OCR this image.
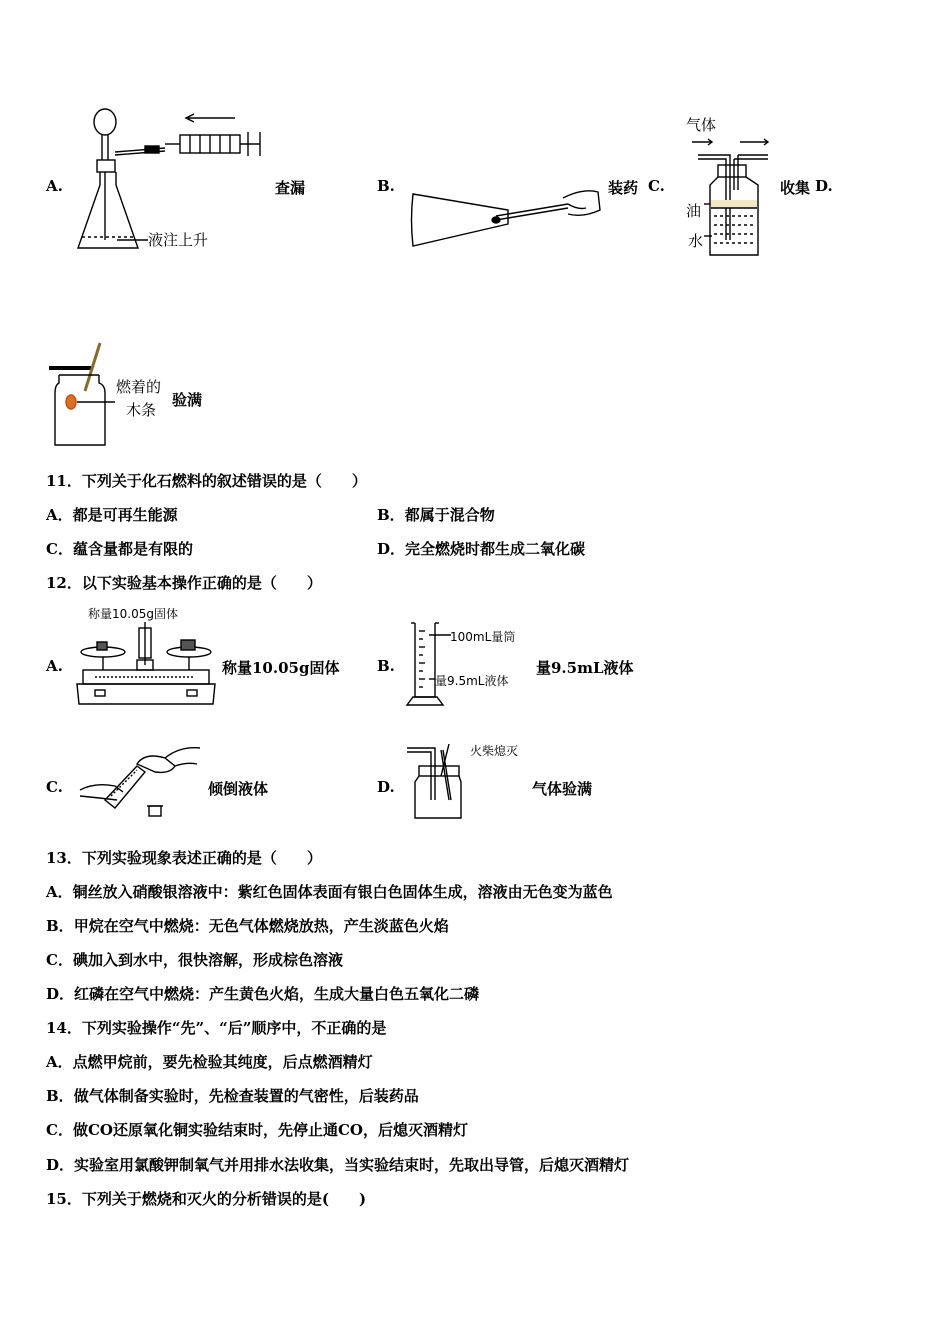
A.
液注上升
查漏	B.	装药 C.
气体
油
水
收集 D.
燃着的
木条
验满
11．下列关于化石燃料的叙述错误的是（　　）
A．都是可再生能源	B．都属于混合物
C．蕴含量都是有限的	D．完全燃烧时都生成二氧化碳
12．以下实验基本操作正确的是（　　）
A.
称量10.05g固体
称量10.05g固体	B.
100mL量筒
量9.5mL液体
量9.5mL液体
C.	倾倒液体	D.
火柴熄灭
气体验满
13．下列实验现象表述正确的是（　　）
A．铜丝放入硝酸银溶液中：紫红色固体表面有银白色固体生成，溶液由无色变为蓝色
B．甲烷在空气中燃烧：无色气体燃烧放热，产生淡蓝色火焰
C．碘加入到水中，很快溶解，形成棕色溶液
D．红磷在空气中燃烧：产生黄色火焰，生成大量白色五氧化二磷
14．下列实验操作“先”、“后”顺序中，不正确的是
A．点燃甲烷前，要先检验其纯度，后点燃酒精灯
B．做气体制备实验时，先检查装置的气密性，后装药品
C．做CO还原氧化铜实验结束时，先停止通CO，后熄灭酒精灯
D．实验室用氯酸钾制氧气并用排水法收集，当实验结束时，先取出导管，后熄灭酒精灯
15．下列关于燃烧和灭火的分析错误的是(　　)
